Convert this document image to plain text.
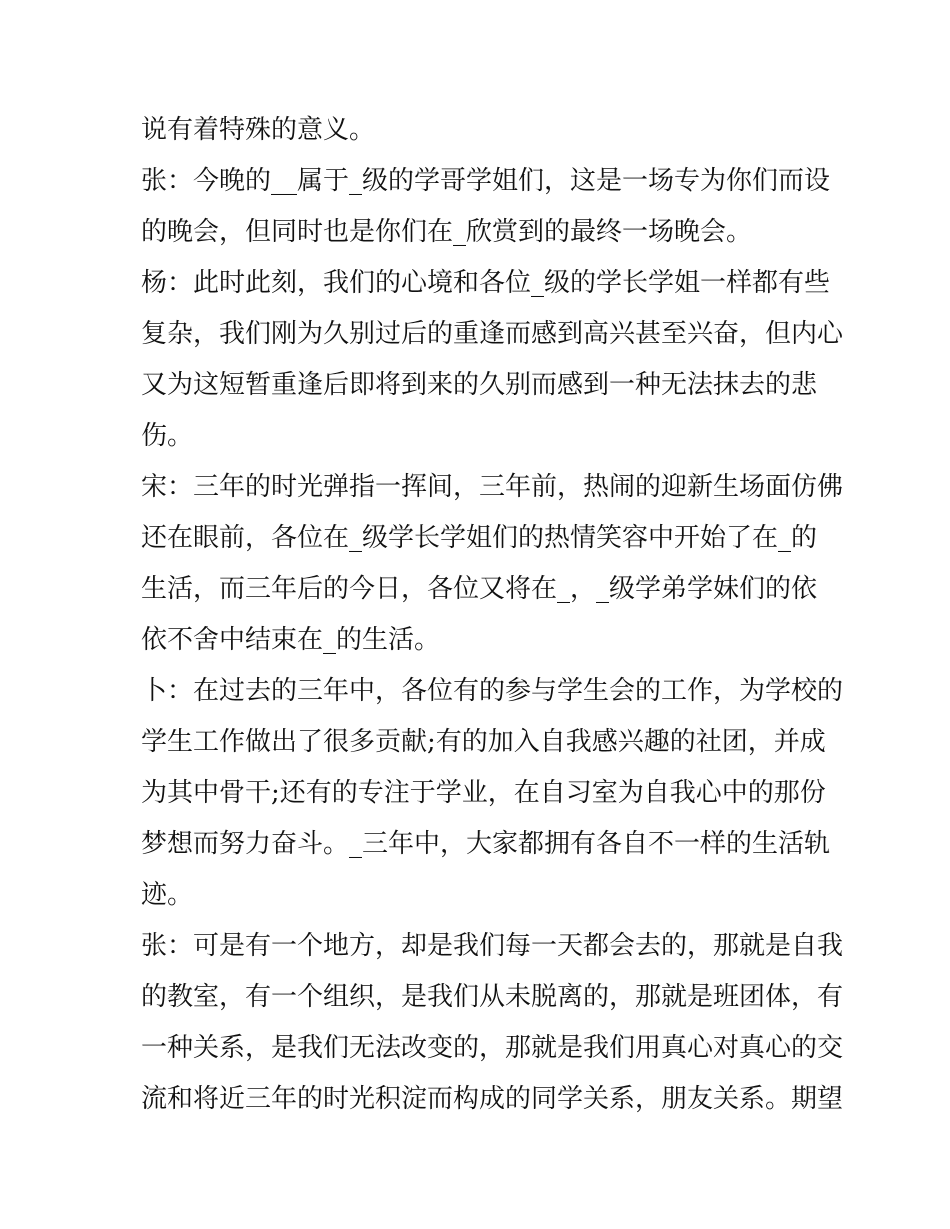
说有着特殊的意义。
张：今晚的__属于_级的学哥学姐们，这是一场专为你们而设
的晚会，但同时也是你们在_欣赏到的最终一场晚会。
杨：此时此刻，我们的心境和各位_级的学长学姐一样都有些
复杂，我们刚为久别过后的重逢而感到高兴甚至兴奋，但内心
又为这短暂重逢后即将到来的久别而感到一种无法抹去的悲
伤。
宋：三年的时光弹指一挥间，三年前，热闹的迎新生场面仿佛
还在眼前，各位在_级学长学姐们的热情笑容中开始了在_的
生活，而三年后的今日，各位又将在_，_级学弟学妹们的依
依不舍中结束在_的生活。
卜：在过去的三年中，各位有的参与学生会的工作，为学校的
学生工作做出了很多贡献;有的加入自我感兴趣的社团，并成
为其中骨干;还有的专注于学业，在自习室为自我心中的那份
梦想而努力奋斗。_三年中，大家都拥有各自不一样的生活轨
迹。
张：可是有一个地方，却是我们每一天都会去的，那就是自我
的教室，有一个组织，是我们从未脱离的，那就是班团体，有
一种关系，是我们无法改变的，那就是我们用真心对真心的交
流和将近三年的时光积淀而构成的同学关系，朋友关系。期望
